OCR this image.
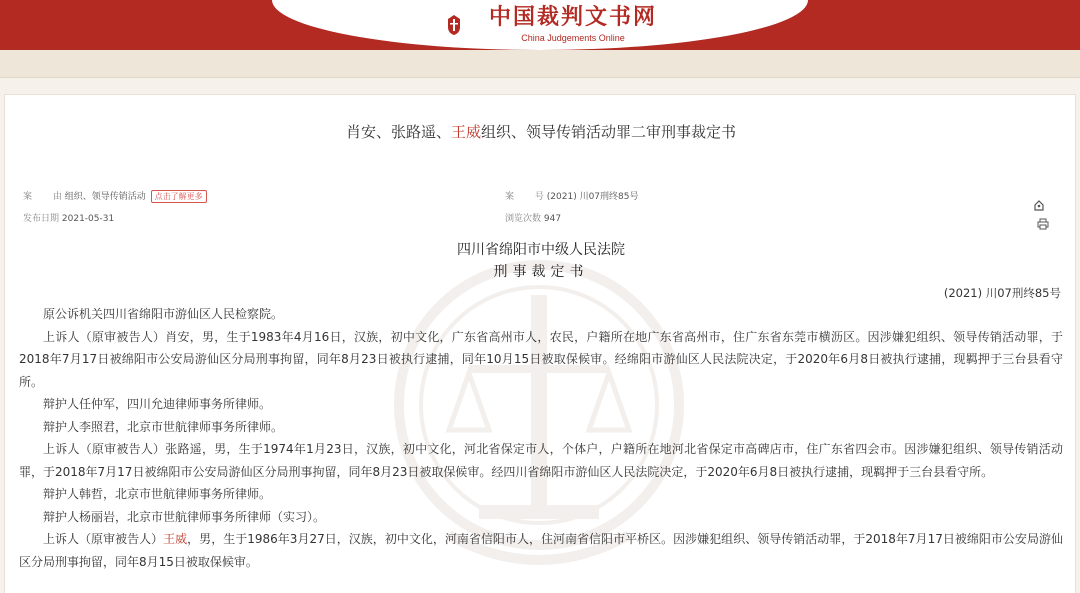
中国裁判文书网
China Judgements Online
肖安、张路遥、王威组织、领导传销活动罪二审刑事裁定书
案 由 组织、领导传销活动 点击了解更多
发布日期 2021-05-31
案 号 (2021) 川07刑终85号
浏览次数 947

四川省绵阳市中级人民法院
刑事裁定书
(2021) 川07刑终85号

原公诉机关四川省绵阳市游仙区人民检察院。

上诉人（原审被告人）肖安，男，生于1983年4月16日，汉族，初中文化，广东省高州市人，农民，户籍所在地广东省高州市，住广东省东莞市横沥区。因涉嫌犯组织、领导传销活动罪，于2018年7月17日被绵阳市公安局游仙区分局刑事拘留，同年8月23日被执行逮捕，同年10月15日被取保候审。经绵阳市游仙区人民法院决定，于2020年6月8日被执行逮捕，现羁押于三台县看守所。

辩护人任仲军，四川允迪律师事务所律师。

辩护人李照君，北京市世航律师事务所律师。

上诉人（原审被告人）张路遥，男，生于1974年1月23日，汉族，初中文化，河北省保定市人，个体户，户籍所在地河北省保定市高碑店市，住广东省四会市。因涉嫌犯组织、领导传销活动罪，于2018年7月17日被绵阳市公安局游仙区分局刑事拘留，同年8月23日被取保候审。经四川省绵阳市游仙区人民法院决定，于2020年6月8日被执行逮捕，现羁押于三台县看守所。

辩护人韩哲，北京市世航律师事务所律师。

辩护人杨丽岩，北京市世航律师事务所律师（实习）。

上诉人（原审被告人）王威，男，生于1986年3月27日，汉族，初中文化，河南省信阳市人，住河南省信阳市平桥区。因涉嫌犯组织、领导传销活动罪，于2018年7月17日被绵阳市公安局游仙区分局刑事拘留，同年8月15日被取保候审。
